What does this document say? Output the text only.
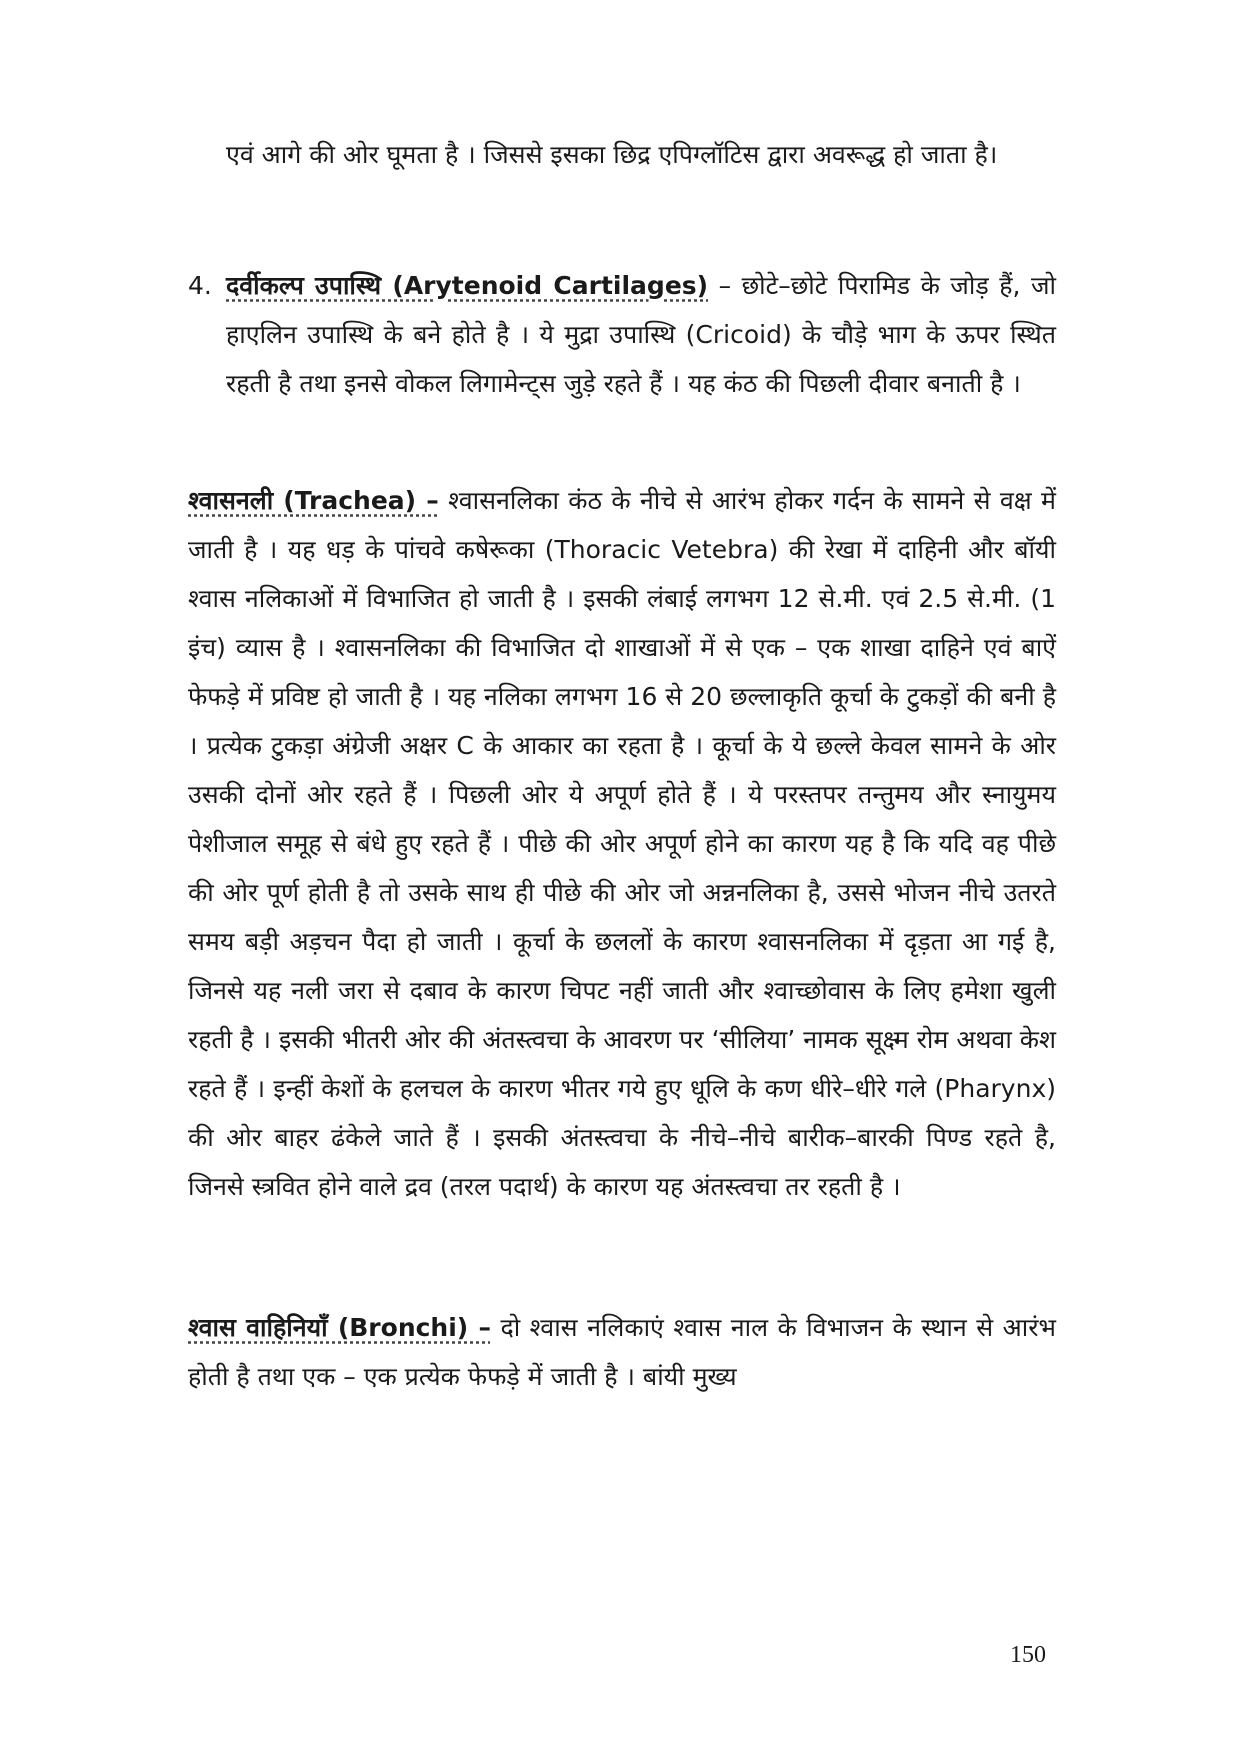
एवं आगे की ओर घूमता है । जिससे इसका छिद्र एपिग्लॉटिस द्वारा अवरूद्ध हो जाता है।

4. दर्वीकल्प उपास्थि (Arytenoid Cartilages) – छोटे–छोटे पिरामिड के जोड़ हैं, जो हाएलिन उपास्थि के बने होते है । ये मुद्रा उपास्थि (Cricoid) के चौड़े भाग के ऊपर स्थित रहती है तथा इनसे वोकल लिगामेन्ट्स जुड़े रहते हैं । यह कंठ की पिछली दीवार बनाती है ।

श्वासनली (Trachea) – श्वासनलिका कंठ के नीचे से आरंभ होकर गर्दन के सामने से वक्ष में जाती है । यह धड़ के पांचवे कषेरूका (Thoracic Vetebra) की रेखा में दाहिनी और बॉयी श्वास नलिकाओं में विभाजित हो जाती है । इसकी लंबाई लगभग 12 से.मी. एवं 2.5 से.मी. (1 इंच) व्यास है । श्वासनलिका की विभाजित दो शाखाओं में से एक – एक शाखा दाहिने एवं बाऐं फेफड़े में प्रविष्ट हो जाती है । यह नलिका लगभग 16 से 20 छल्लाकृति कूर्चा के टुकड़ों की बनी है । प्रत्येक टुकड़ा अंग्रेजी अक्षर C के आकार का रहता है । कूर्चा के ये छल्ले केवल सामने के ओर उसकी दोनों ओर रहते हैं । पिछली ओर ये अपूर्ण होते हैं । ये परस्तपर तन्तुमय और स्नायुमय पेशीजाल समूह से बंधे हुए रहते हैं । पीछे की ओर अपूर्ण होने का कारण यह है कि यदि वह पीछे की ओर पूर्ण होती है तो उसके साथ ही पीछे की ओर जो अन्ननलिका है, उससे भोजन नीचे उतरते समय बड़ी अड़चन पैदा हो जाती । कूर्चा के छललों के कारण श्वासनलिका में दृड़ता आ गई है, जिनसे यह नली जरा से दबाव के कारण चिपट नहीं जाती और श्वाच्छोवास के लिए हमेशा खुली रहती है । इसकी भीतरी ओर की अंतस्त्वचा के आवरण पर ‘सीलिया’ नामक सूक्ष्म रोम अथवा केश रहते हैं । इन्हीं केशों के हलचल के कारण भीतर गये हुए धूलि के कण धीरे–धीरे गले (Pharynx) की ओर बाहर ढंकेले जाते हैं । इसकी अंतस्त्वचा के नीचे–नीचे बारीक–बारकी पिण्ड रहते है, जिनसे स्त्रवित होने वाले द्रव (तरल पदार्थ) के कारण यह अंतस्त्वचा तर रहती है ।

श्वास वाहिनियॉं (Bronchi) – दो श्वास नलिकाएं श्वास नाल के विभाजन के स्थान से आरंभ होती है तथा एक – एक प्रत्येक फेफड़े में जाती है । बांयी मुख्य

150
